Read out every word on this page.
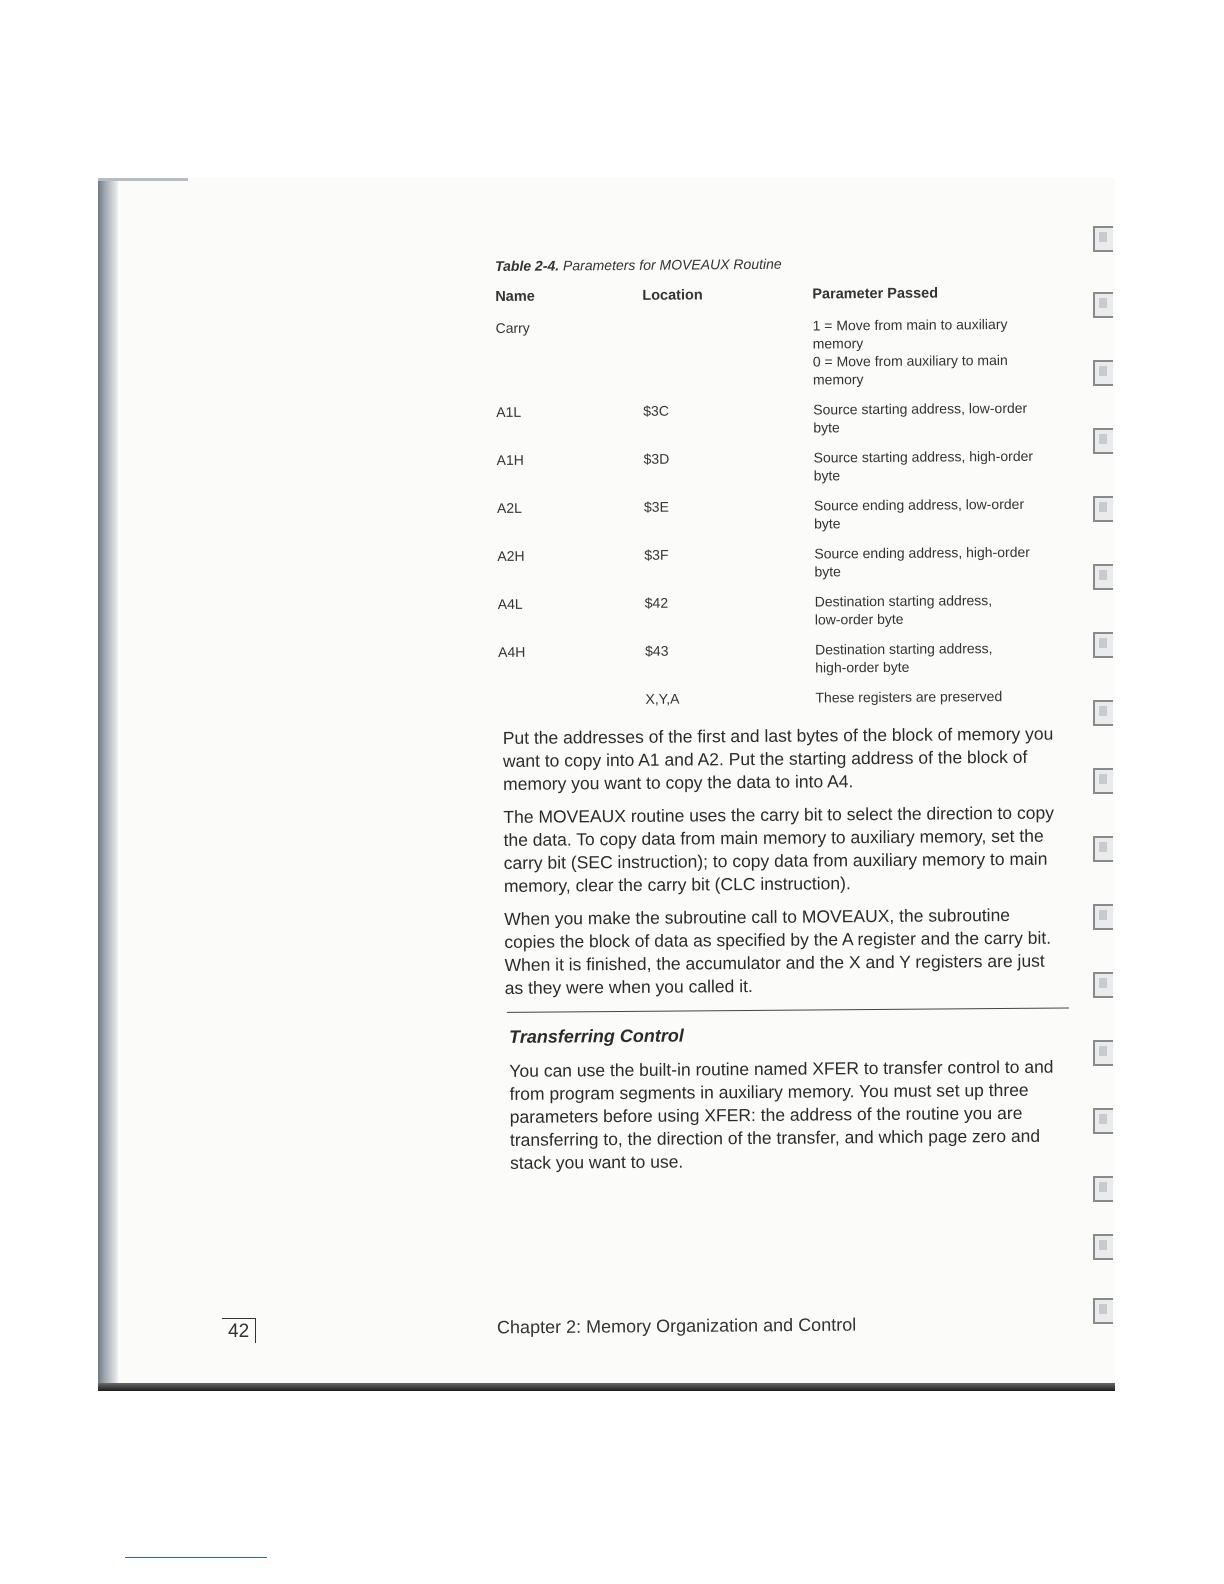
Table 2-4. Parameters for MOVEAUX Routine
Name	Location	Parameter Passed
Carry		1 = Move from main to auxiliary
memory
0 = Move from auxiliary to main
memory

A1L	$3C	Source starting address, low-order
byte

A1H	$3D	Source starting address, high-order
byte

A2L	$3E	Source ending address, low-order
byte

A2H	$3F	Source ending address, high-order
byte

A4L	$42	Destination starting address,
low-order byte

A4H	$43	Destination starting address,
high-order byte

	X,Y,A	These registers are preserved

Put the addresses of the first and last bytes of the block of memory you want to copy into A1 and A2. Put the starting address of the block of memory you want to copy the data to into A4.

The MOVEAUX routine uses the carry bit to select the direction to copy the data. To copy data from main memory to auxiliary memory, set the carry bit (SEC instruction); to copy data from auxiliary memory to main memory, clear the carry bit (CLC instruction).

When you make the subroutine call to MOVEAUX, the subroutine copies the block of data as specified by the A register and the carry bit. When it is finished, the accumulator and the X and Y registers are just as they were when you called it.

Transferring Control

You can use the built-in routine named XFER to transfer control to and from program segments in auxiliary memory. You must set up three parameters before using XFER: the address of the routine you are transferring to, the direction of the transfer, and which page zero and stack you want to use.

42	Chapter 2: Memory Organization and Control
